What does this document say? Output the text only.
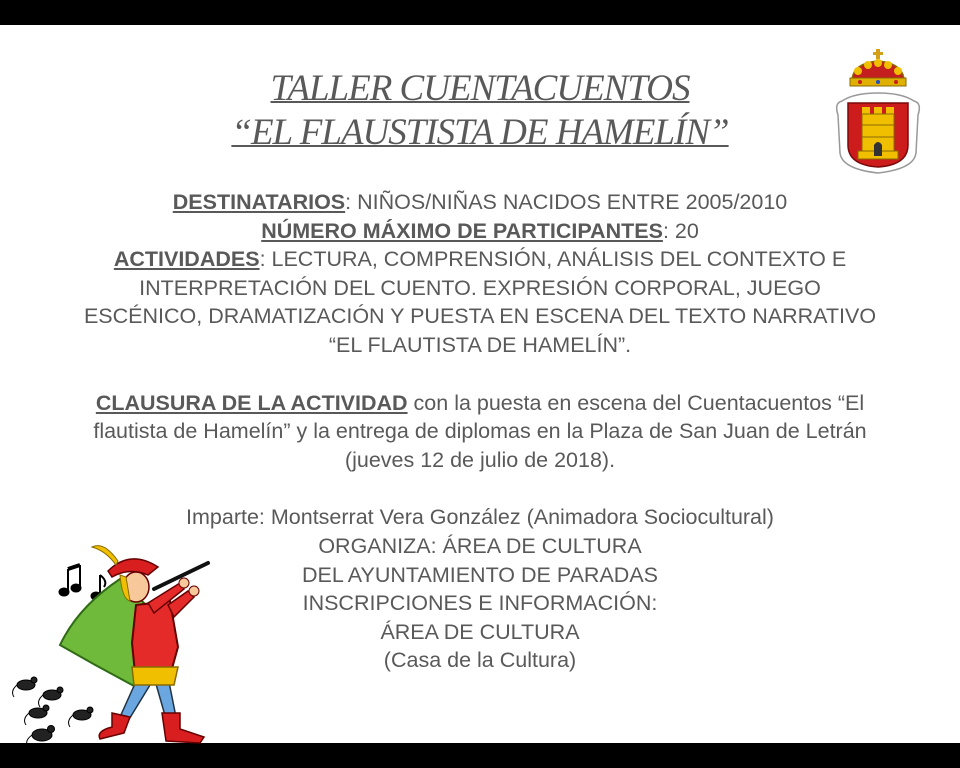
TALLER CUENTACUENTOS
“EL FLAUSTISTA DE HAMELÍN”

DESTINATARIOS: NIÑOS/NIÑAS NACIDOS ENTRE 2005/2010

NÚMERO MÁXIMO DE PARTICIPANTES: 20

ACTIVIDADES: LECTURA, COMPRENSIÓN, ANÁLISIS DEL CONTEXTO E

INTERPRETACIÓN DEL CUENTO. EXPRESIÓN CORPORAL, JUEGO

ESCÉNICO, DRAMATIZACIÓN Y PUESTA EN ESCENA DEL TEXTO NARRATIVO

“EL FLAUTISTA DE HAMELÍN”.

CLAUSURA DE LA ACTIVIDAD con la puesta en escena del Cuentacuentos “El

flautista de Hamelín” y la entrega de diplomas en la Plaza de San Juan de Letrán

(jueves 12 de julio de 2018).

Imparte: Montserrat Vera González (Animadora Sociocultural)

ORGANIZA: ÁREA DE CULTURA

DEL AYUNTAMIENTO DE PARADAS

INSCRIPCIONES E INFORMACIÓN:

ÁREA DE CULTURA

(Casa de la Cultura)
